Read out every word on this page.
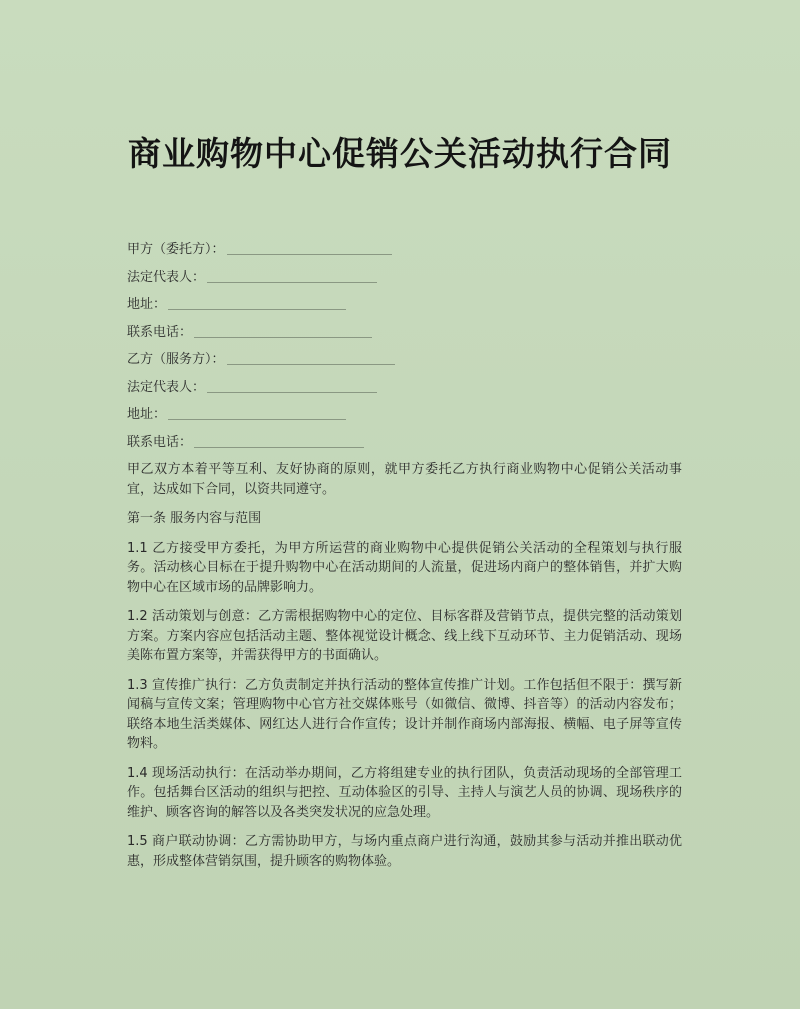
商业购物中心促销公关活动执行合同
甲方（委托方）：
法定代表人：
地址：
联系电话：
乙方（服务方）：
法定代表人：
地址：
联系电话：

甲乙双方本着平等互利、友好协商的原则，就甲方委托乙方执行商业购物中心促销公关活动事宜，达成如下合同，以资共同遵守。

第一条 服务内容与范围

1.1 乙方接受甲方委托，为甲方所运营的商业购物中心提供促销公关活动的全程策划与执行服务。活动核心目标在于提升购物中心在活动期间的人流量，促进场内商户的整体销售，并扩大购物中心在区域市场的品牌影响力。

1.2 活动策划与创意：乙方需根据购物中心的定位、目标客群及营销节点，提供完整的活动策划方案。方案内容应包括活动主题、整体视觉设计概念、线上线下互动环节、主力促销活动、现场美陈布置方案等，并需获得甲方的书面确认。

1.3 宣传推广执行：乙方负责制定并执行活动的整体宣传推广计划。工作包括但不限于：撰写新闻稿与宣传文案；管理购物中心官方社交媒体账号（如微信、微博、抖音等）的活动内容发布；联络本地生活类媒体、网红达人进行合作宣传；设计并制作商场内部海报、横幅、电子屏等宣传物料。

1.4 现场活动执行：在活动举办期间，乙方将组建专业的执行团队，负责活动现场的全部管理工作。包括舞台区活动的组织与把控、互动体验区的引导、主持人与演艺人员的协调、现场秩序的维护、顾客咨询的解答以及各类突发状况的应急处理。

1.5 商户联动协调：乙方需协助甲方，与场内重点商户进行沟通，鼓励其参与活动并推出联动优惠，形成整体营销氛围，提升顾客的购物体验。
